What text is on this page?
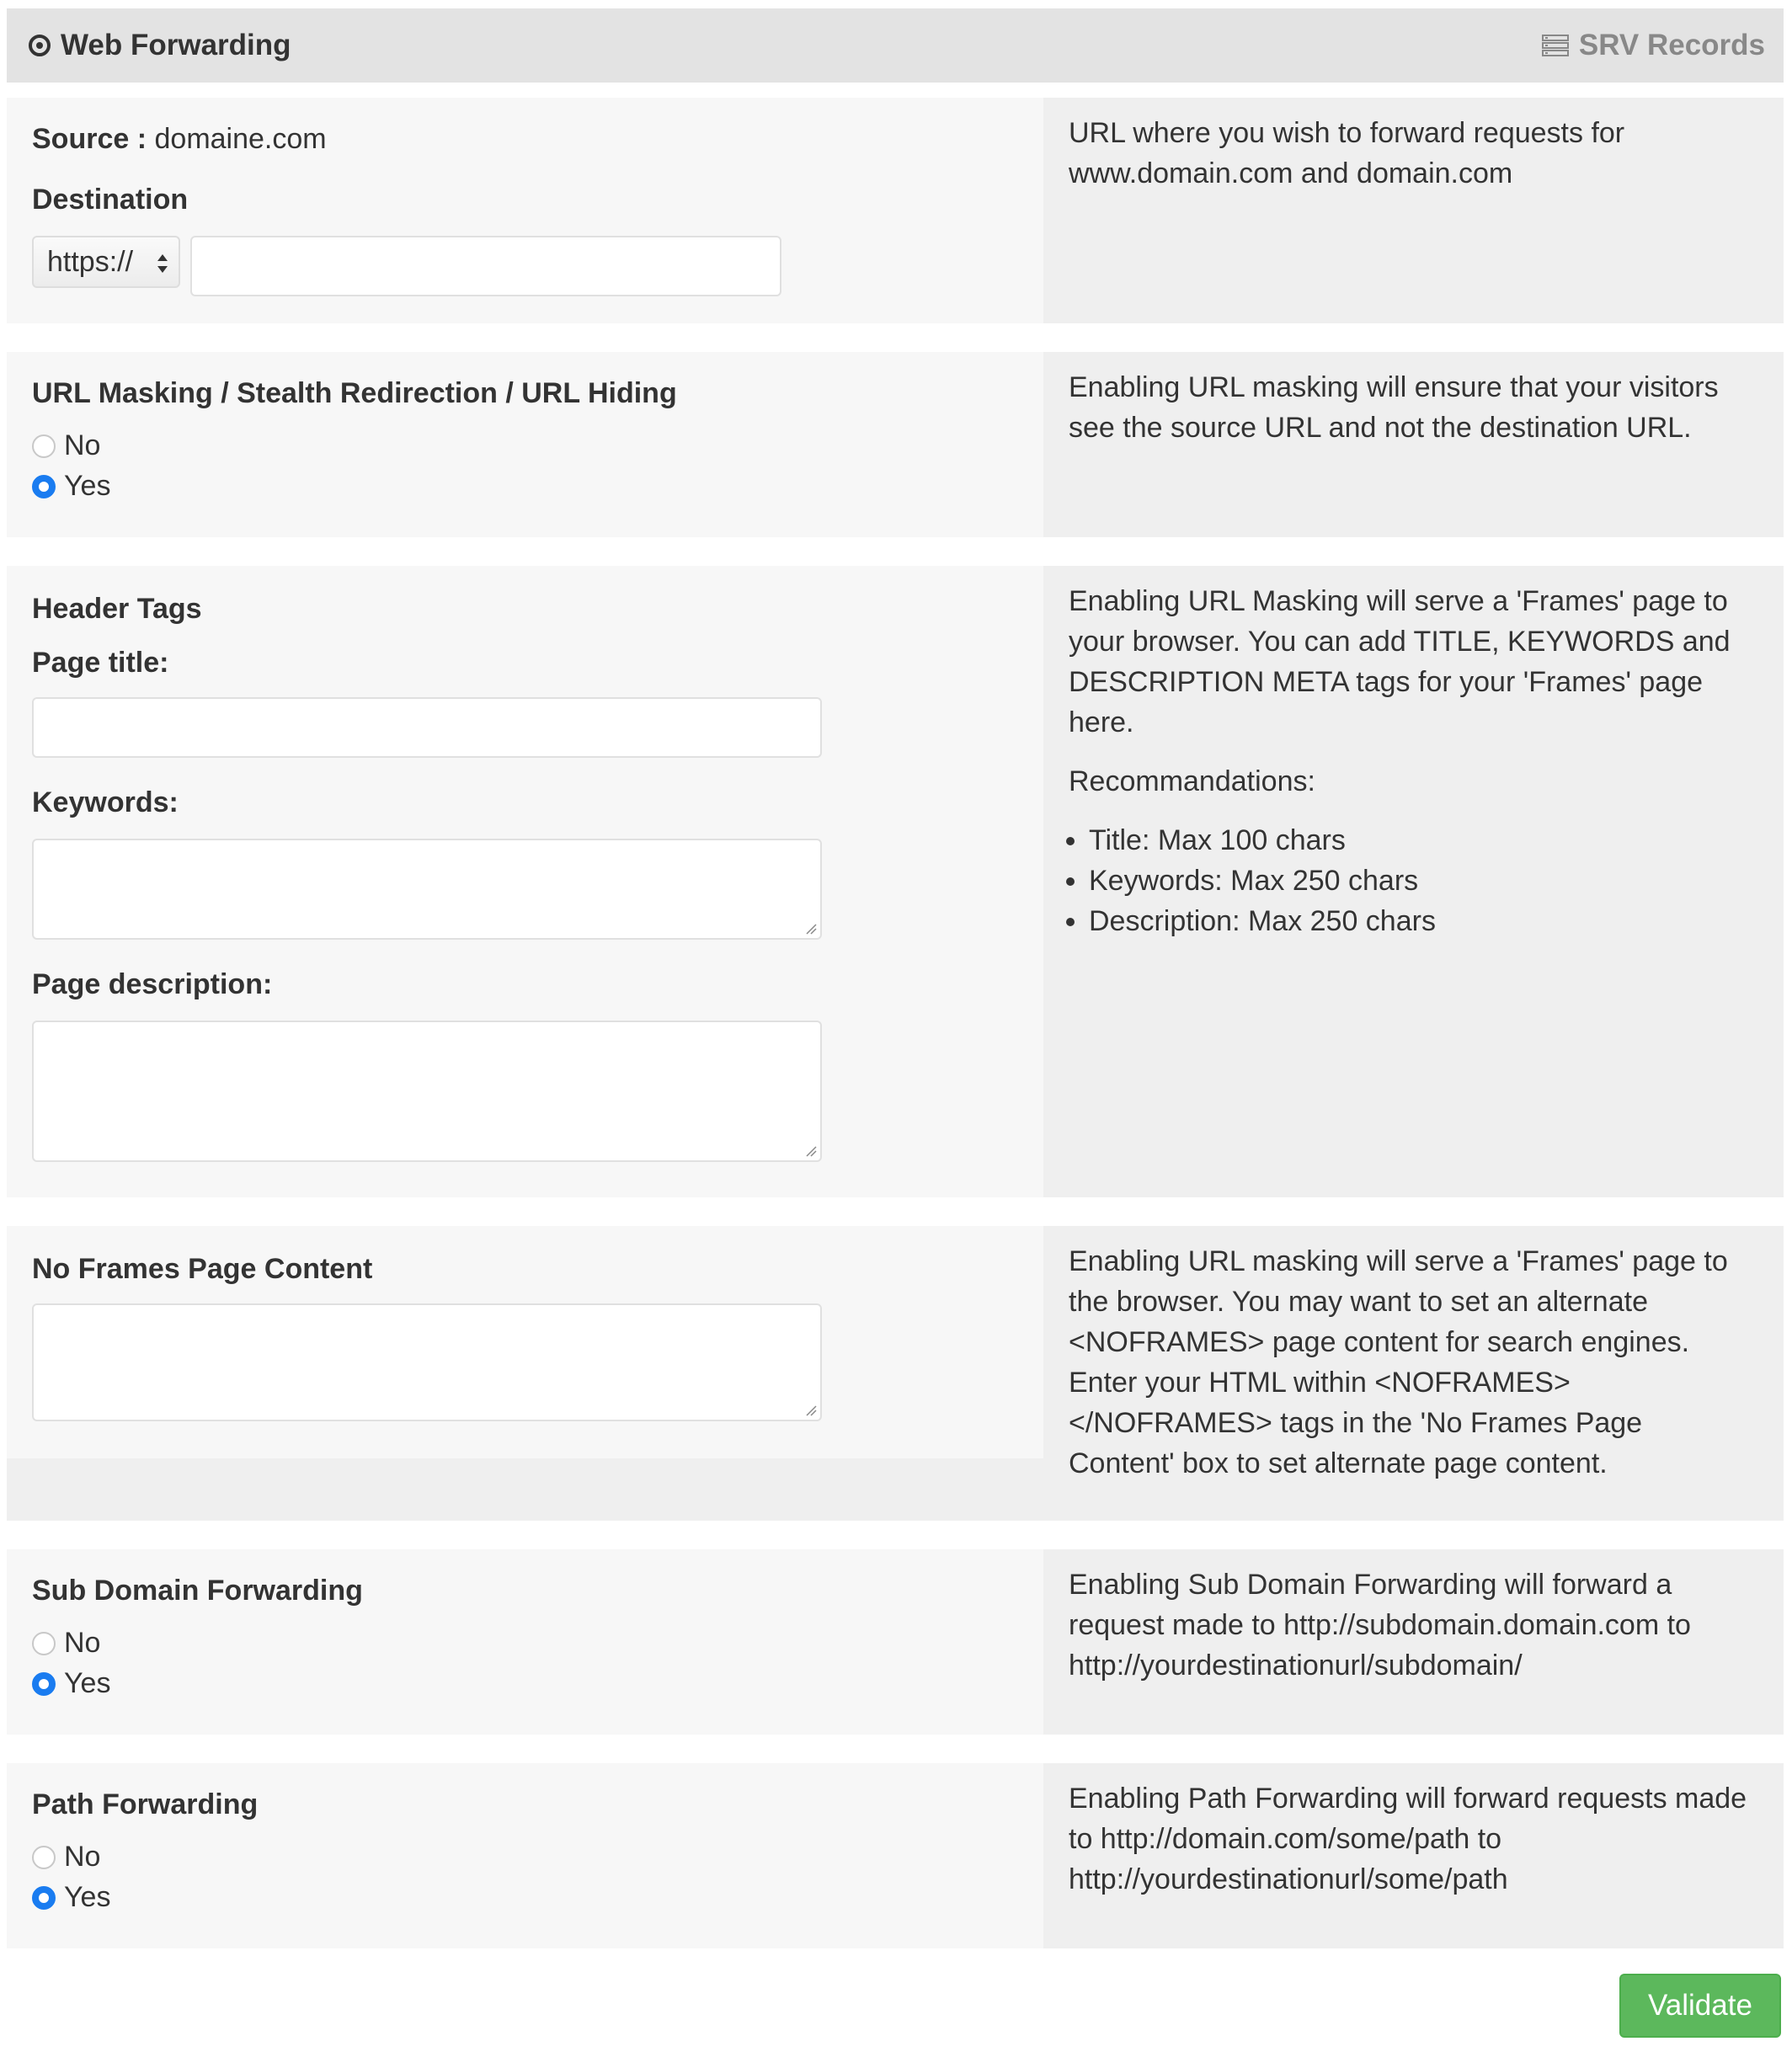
Web Forwarding	SRV Records
Source : domaine.com
Destination
https://

URL where you wish to forward requests for www.domain.com and domain.com

URL Masking / Stealth Redirection / URL Hiding
No
Yes

Enabling URL masking will ensure that your visitors see the source URL and not the destination URL.

Header Tags
Page title:
Keywords:
Page description:

Enabling URL Masking will serve a 'Frames' page to your browser. You can add TITLE, KEYWORDS and DESCRIPTION META tags for your 'Frames' page here.

Recommandations:

• Title: Max 100 chars
• Keywords: Max 250 chars
• Description: Max 250 chars
No Frames Page Content	Enabling URL masking will serve a 'Frames' page to the browser. You may want to set an alternate <NOFRAMES> page content for search engines. Enter your HTML within <NOFRAMES> </NOFRAMES> tags in the 'No Frames Page Content' box to set alternate page content.

Sub Domain Forwarding
No
Yes

Enabling Sub Domain Forwarding will forward a request made to http://subdomain.domain.com to http://yourdestinationurl/subdomain/

Path Forwarding
No
Yes

Enabling Path Forwarding will forward requests made to http://domain.com/some/path to http://yourdestinationurl/some/path

Validate
